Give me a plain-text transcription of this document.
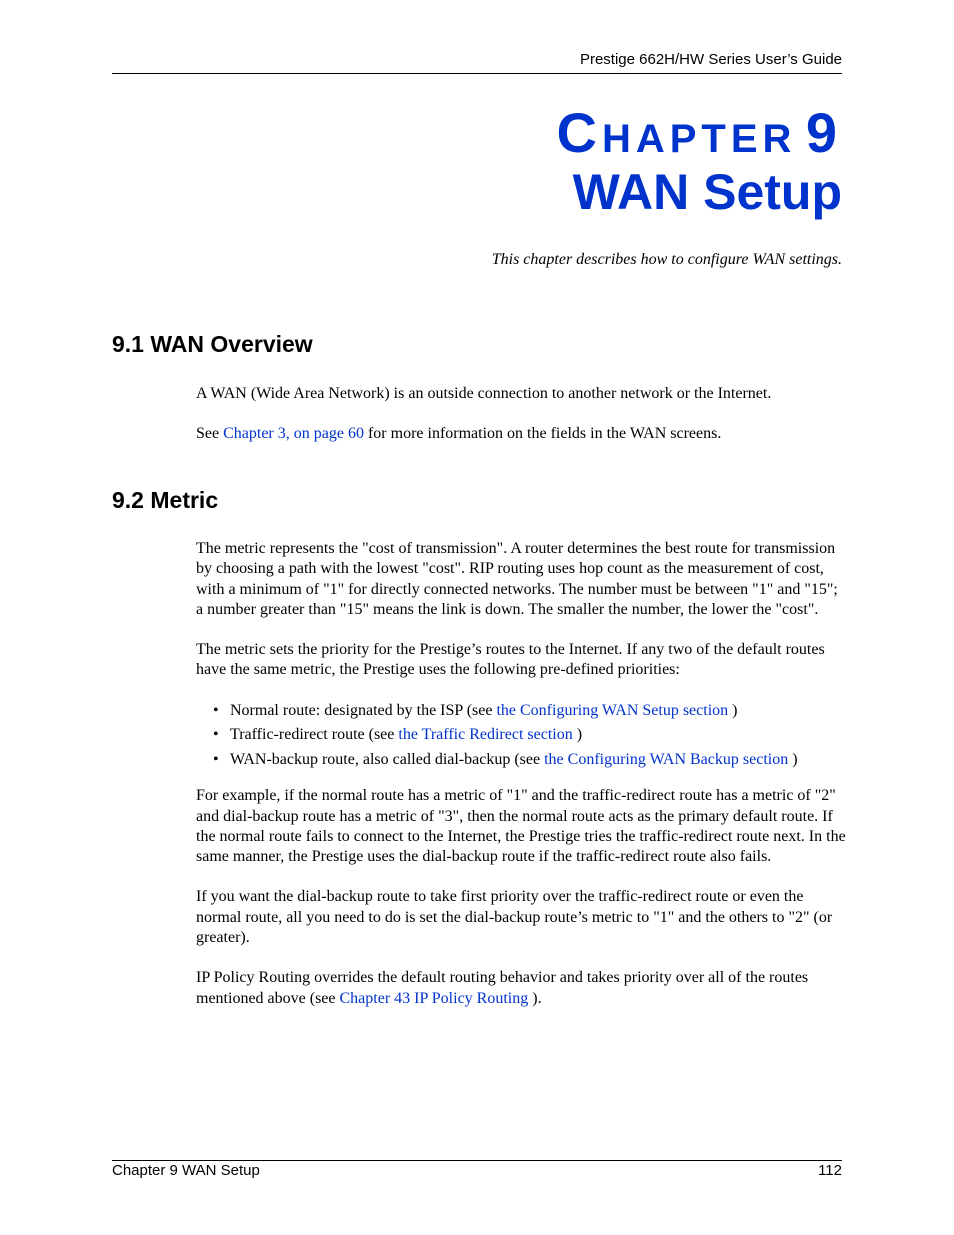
Prestige 662H/HW Series User’s Guide
CHAPTER 9
WAN Setup
This chapter describes how to configure WAN settings.
9.1 WAN Overview

A WAN (Wide Area Network) is an outside connection to another network or the Internet.

See Chapter 3, on page 60 for more information on the fields in the WAN screens.

9.2 Metric

The metric represents the "cost of transmission". A router determines the best route for transmission by choosing a path with the lowest "cost". RIP routing uses hop count as the measurement of cost, with a minimum of "1" for directly connected networks. The number must be between "1" and "15"; a number greater than "15" means the link is down. The smaller the number, the lower the "cost".

The metric sets the priority for the Prestige’s routes to the Internet. If any two of the default routes have the same metric, the Prestige uses the following pre-defined priorities:

• Normal route: designated by the ISP (see the Configuring WAN Setup section )
• Traffic-redirect route (see the Traffic Redirect section )
• WAN-backup route, also called dial-backup (see the Configuring WAN Backup section )

For example, if the normal route has a metric of "1" and the traffic-redirect route has a metric of "2" and dial-backup route has a metric of "3", then the normal route acts as the primary default route. If the normal route fails to connect to the Internet, the Prestige tries the traffic-redirect route next. In the same manner, the Prestige uses the dial-backup route if the traffic-redirect route also fails.

If you want the dial-backup route to take first priority over the traffic-redirect route or even the normal route, all you need to do is set the dial-backup route’s metric to "1" and the others to "2" (or greater).

IP Policy Routing overrides the default routing behavior and takes priority over all of the routes mentioned above (see Chapter 43 IP Policy Routing ).

Chapter 9 WAN Setup	112
